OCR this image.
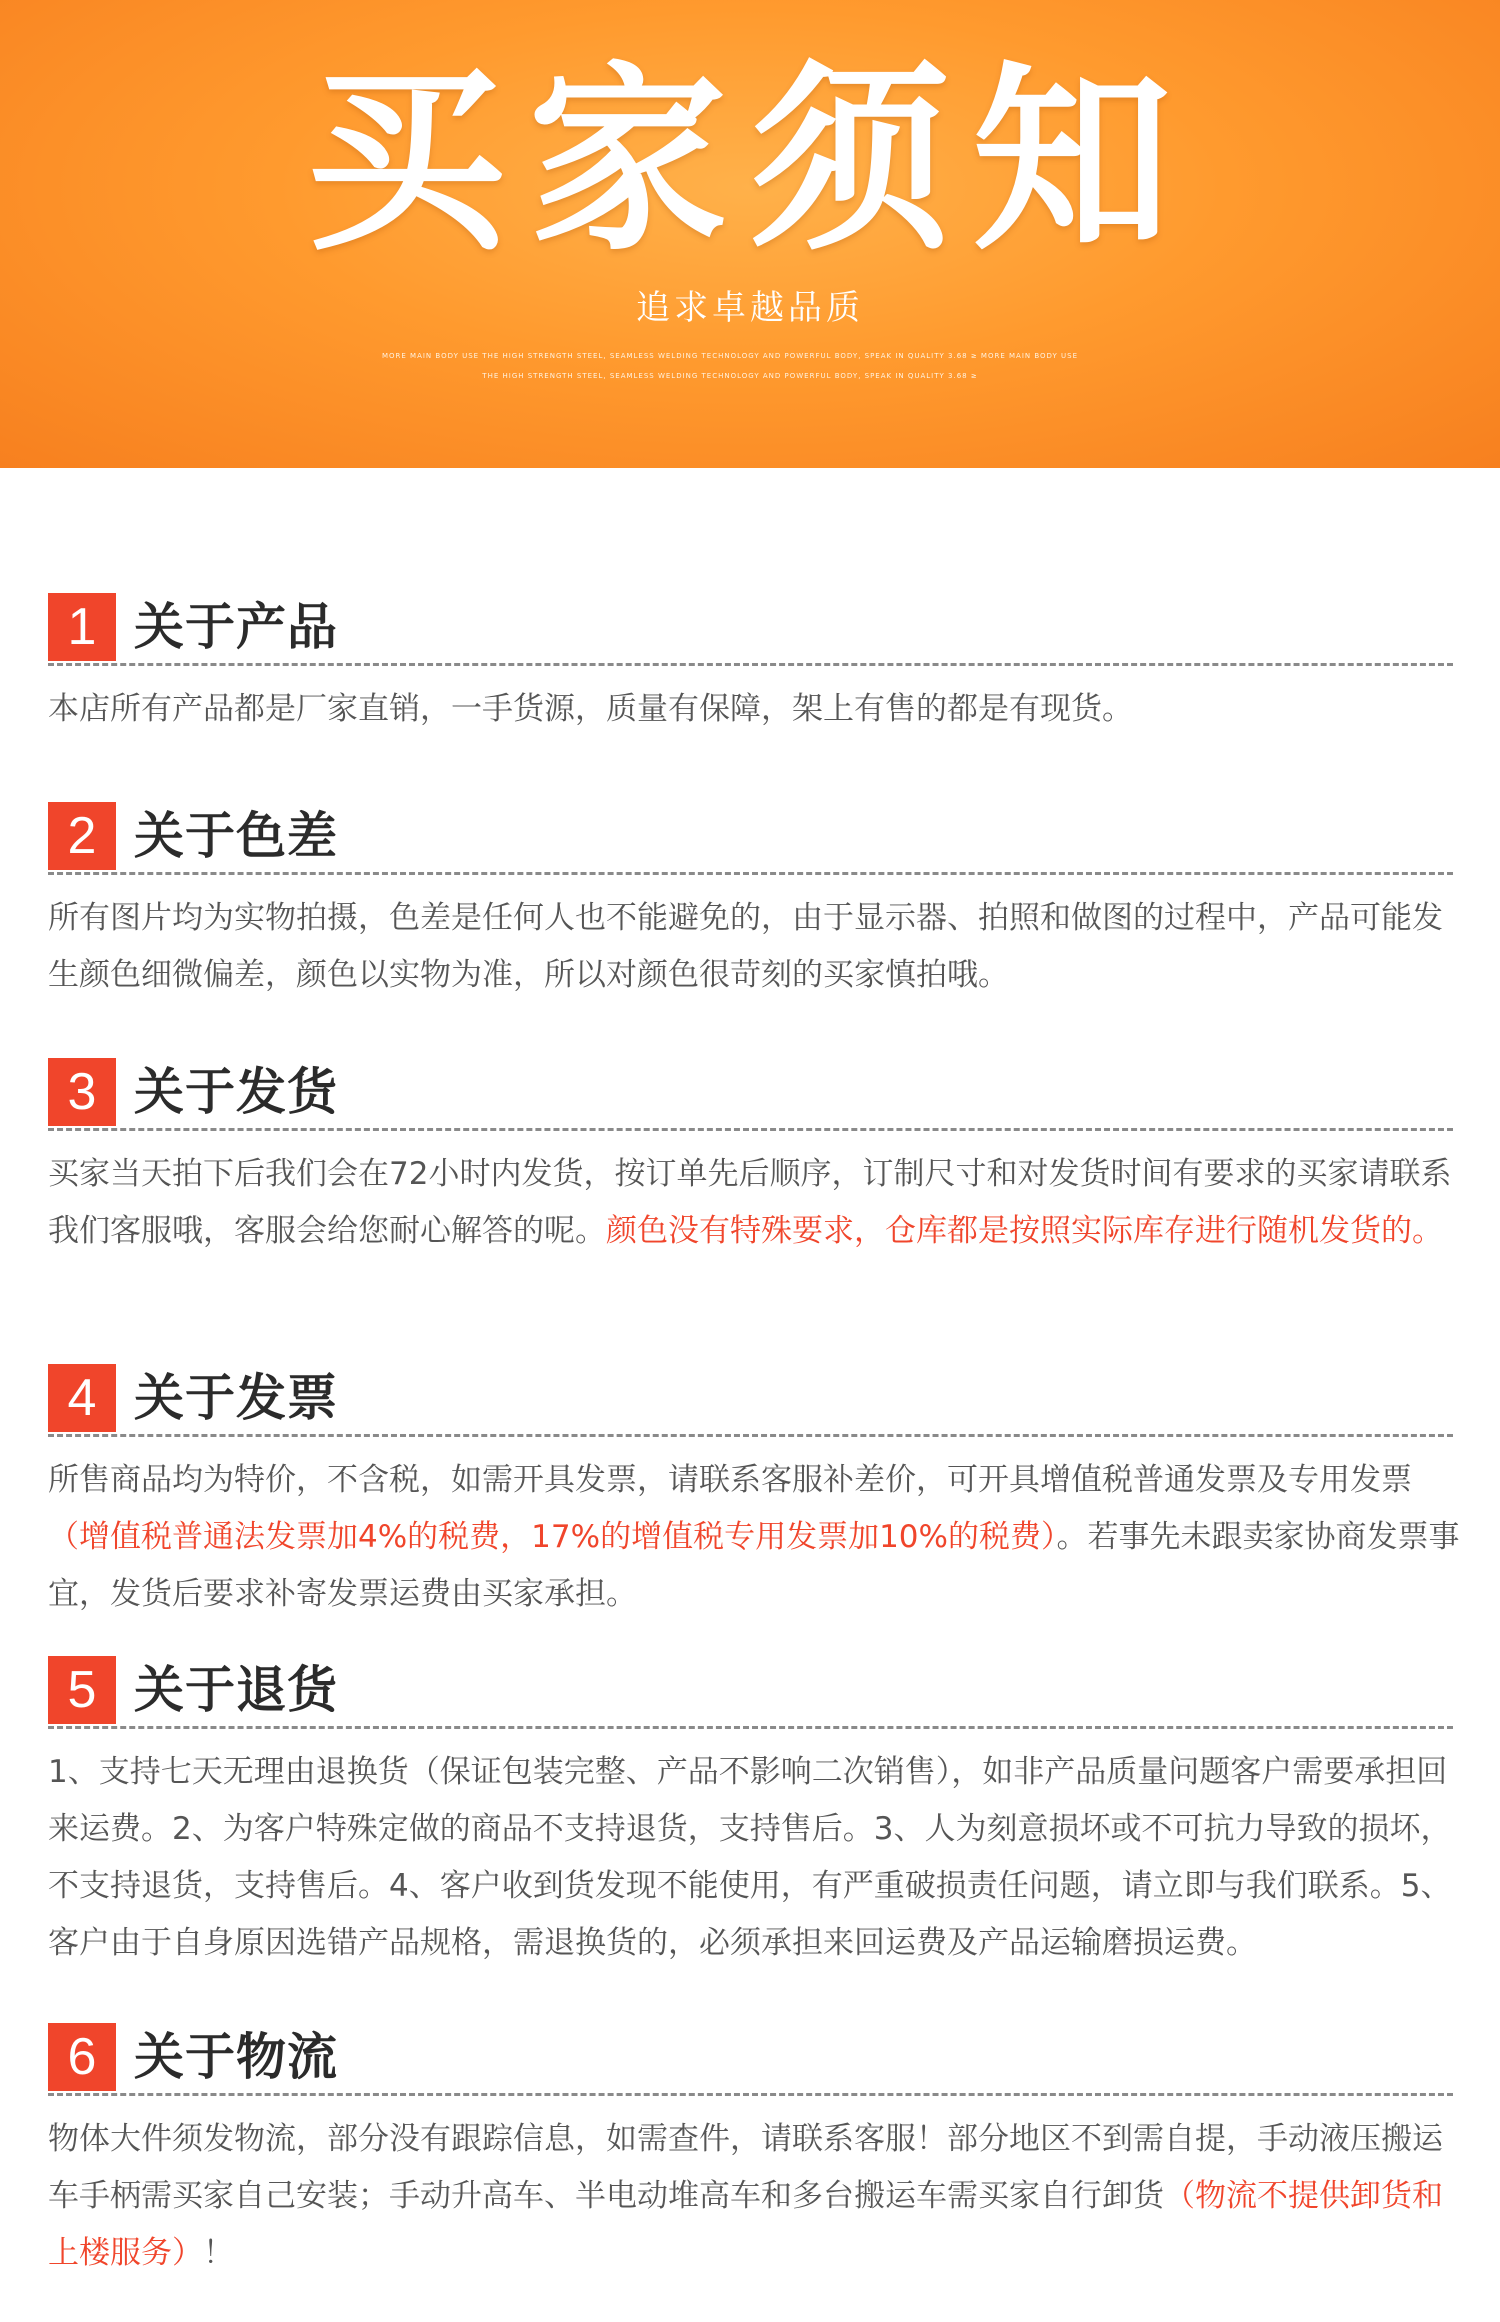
买家须知
追求卓越品质
MORE MAIN BODY USE THE HIGH STRENGTH STEEL, SEAMLESS WELDING TECHNOLOGY AND POWERFUL BODY, SPEAK IN QUALITY 3.68 ≥ MORE MAIN BODY USE
THE HIGH STRENGTH STEEL, SEAMLESS WELDING TECHNOLOGY AND POWERFUL BODY, SPEAK IN QUALITY 3.68 ≥
1 关于产品
本店所有产品都是厂家直销，一手货源，质量有保障，架上有售的都是有现货。
2 关于色差
所有图片均为实物拍摄，色差是任何人也不能避免的，由于显示器、拍照和做图的过程中，产品可能发生颜色细微偏差，颜色以实物为准，所以对颜色很苛刻的买家慎拍哦。
3 关于发货
买家当天拍下后我们会在72小时内发货，按订单先后顺序，订制尺寸和对发货时间有要求的买家请联系我们客服哦，客服会给您耐心解答的呢。颜色没有特殊要求，仓库都是按照实际库存进行随机发货的。
4 关于发票
所售商品均为特价，不含税，如需开具发票，请联系客服补差价，可开具增值税普通发票及专用发票（增值税普通法发票加4%的税费，17%的增值税专用发票加10%的税费）。若事先未跟卖家协商发票事宜，发货后要求补寄发票运费由买家承担。
5 关于退货
1、支持七天无理由退换货（保证包装完整、产品不影响二次销售），如非产品质量问题客户需要承担回来运费。2、为客户特殊定做的商品不支持退货，支持售后。3、人为刻意损坏或不可抗力导致的损坏，不支持退货，支持售后。4、客户收到货发现不能使用，有严重破损责任问题，请立即与我们联系。5、客户由于自身原因选错产品规格，需退换货的，必须承担来回运费及产品运输磨损运费。
6 关于物流
物体大件须发物流，部分没有跟踪信息，如需查件，请联系客服！部分地区不到需自提，手动液压搬运车手柄需买家自己安装；手动升高车、半电动堆高车和多台搬运车需买家自行卸货（物流不提供卸货和上楼服务）！
